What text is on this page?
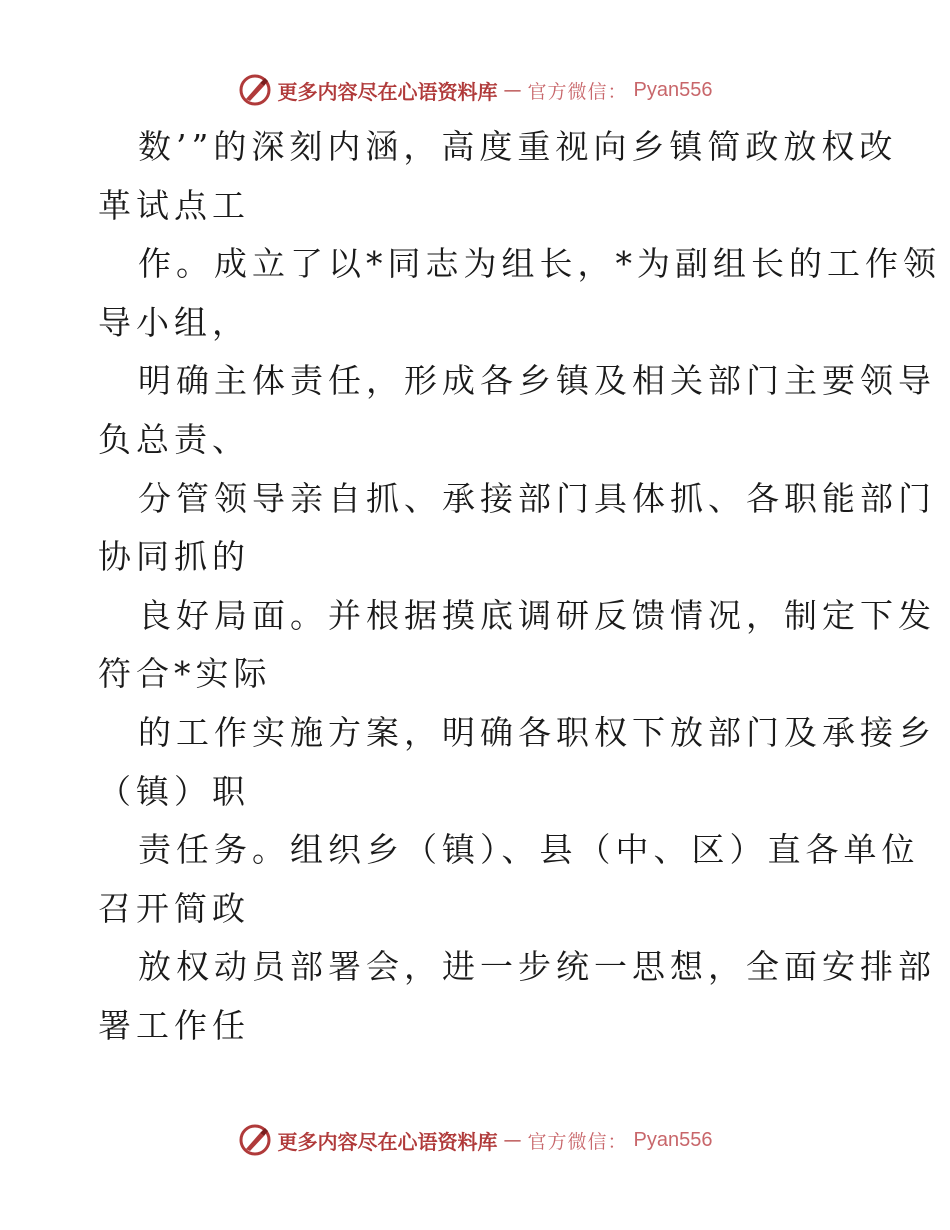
更多内容尽在心语资料库 — 官方微信： Pyan556
数’”的深刻内涵，高度重视向乡镇简政放权改
革试点工
作。成立了以*同志为组长，*为副组长的工作领
导小组，
明确主体责任，形成各乡镇及相关部门主要领导
负总责、
分管领导亲自抓、承接部门具体抓、各职能部门
协同抓的
良好局面。并根据摸底调研反馈情况，制定下发
符合*实际
的工作实施方案，明确各职权下放部门及承接乡
（镇）职
责任务。组织乡（镇）、县（中、区）直各单位
召开简政
放权动员部署会，进一步统一思想，全面安排部
署工作任
更多内容尽在心语资料库 — 官方微信： Pyan556
